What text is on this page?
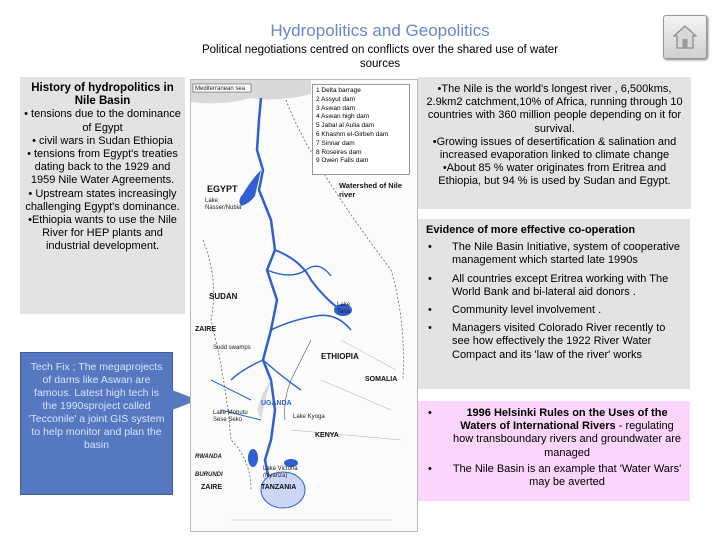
Hydropolitics and Geopolitics
Political negotiations centred on conflicts over the shared use of water sources
History of hydropolitics in Nile Basin
• tensions due to the dominance of Egypt
• civil wars in Sudan Ethiopia
• tensions from Egypt's treaties dating back to the 1929 and 1959 Nile Water Agreements.
• Upstream states increasingly challenging Egypt's dominance.
•Ethiopia wants to use the Nile River for HEP plants and industrial development.
Tech Fix ; The megaprojects of dams like Aswan are famous. Latest high tech is the 1990sproject called 'Tecconile' a joint GIS system to help monitor and plan the basin
Mediterranean sea
EGYPT
Lake Nasser/Nubia
Watershed of Nile river
SUDAN
ETHIOPIA
Lake Tana
ZAIRE
Sudd swamps
SOMALIA
UGANDA
KENYA
Lake Kyoga
Lake Mobutu Sese Seko
RWANDA
BURUNDI
Lake Victoria (Nyanza)
ZAIRE	TANZANIA
1 Delta barrage
2 Assyut dam
3 Aswan dam
4 Aswan high dam
5 Jabal al Aulia dam
6 Khashm el-Girbeh dam
7 Sinnar dam
8 Roseires dam
9 Owen Falls dam
•The Nile is the world's longest river , 6,500kms, 2.9km2 catchment,10% of Africa, running through 10 countries with 360 million people depending on it for survival.
•Growing issues of desertification & salination and increased evaporation linked to climate change
•About 85 % water originates from Eritrea and Ethiopia, but 94 % is used by Sudan and Egypt.
Evidence of more effective co-operation
• The Nile Basin Initiative, system of cooperative management which started late 1990s
• All countries except Eritrea working with The World Bank and bi-lateral aid donors .
• Community level involvement .
• Managers visited Colorado River recently to see how effectively the 1922 River Water Compact and its 'law of the river' works
•	1996 Helsinki Rules on the Uses of the Waters of International Rivers - regulating how transboundary rivers and groundwater are managed
• The Nile Basin is an example that 'Water Wars' may be averted
